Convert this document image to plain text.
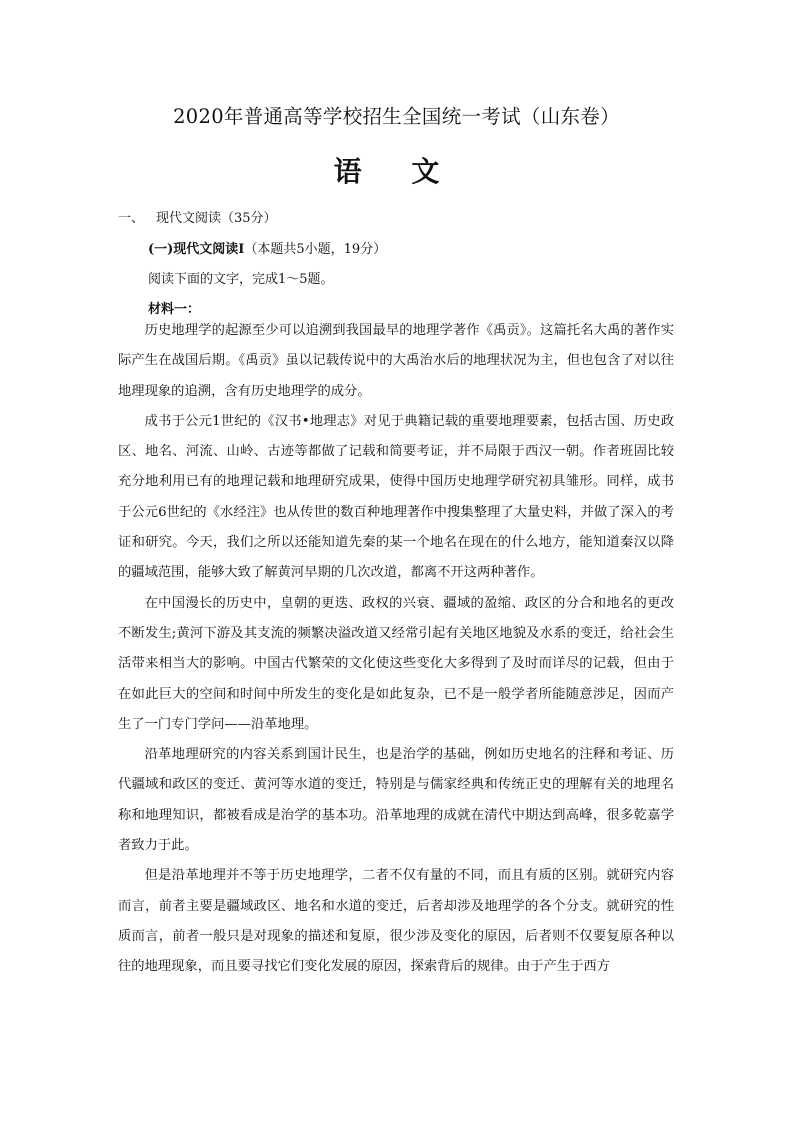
2020年普通高等学校招生全国统一考试（山东卷）
语 文
一、 现代文阅读（35分）
(一)现代文阅读Ⅰ（本题共5小题，19分）
阅读下面的文字，完成1～5题。
材料一：

历史地理学的起源至少可以追溯到我国最早的地理学著作《禹贡》。这篇托名大禹的著作实际产生在战国后期。《禹贡》虽以记载传说中的大禹治水后的地理状况为主，但也包含了对以往地理现象的追溯，含有历史地理学的成分。

成书于公元1世纪的《汉书•地理志》对见于典籍记载的重要地理要素，包括古国、历史政区、地名、河流、山岭、古迹等都做了记载和简要考证，并不局限于西汉一朝。作者班固比较充分地利用已有的地理记载和地理研究成果，使得中国历史地理学研究初具雏形。同样，成书于公元6世纪的《水经注》也从传世的数百种地理著作中搜集整理了大量史料，并做了深入的考证和研究。今天，我们之所以还能知道先秦的某一个地名在现在的什么地方，能知道秦汉以降的疆域范围，能够大致了解黄河早期的几次改道，都离不开这两种著作。

在中国漫长的历史中，皇朝的更迭、政权的兴衰、疆域的盈缩、政区的分合和地名的更改不断发生;黄河下游及其支流的频繁决溢改道又经常引起有关地区地貌及水系的变迁，给社会生活带来相当大的影响。中国古代繁荣的文化使这些变化大多得到了及时而详尽的记载，但由于在如此巨大的空间和时间中所发生的变化是如此复杂，已不是一般学者所能随意涉足，因而产生了一门专门学问——沿革地理。

沿革地理研究的内容关系到国计民生，也是治学的基础，例如历史地名的注释和考证、历代疆域和政区的变迁、黄河等水道的变迁，特别是与儒家经典和传统正史的理解有关的地理名称和地理知识，都被看成是治学的基本功。沿革地理的成就在清代中期达到高峰，很多乾嘉学者致力于此。

但是沿革地理并不等于历史地理学，二者不仅有量的不同，而且有质的区别。就研究内容而言，前者主要是疆域政区、地名和水道的变迁，后者却涉及地理学的各个分支。就研究的性质而言，前者一般只是对现象的描述和复原，很少涉及变化的原因，后者则不仅要复原各种以往的地理现象，而且要寻找它们变化发展的原因，探索背后的规律。由于产生于西方
